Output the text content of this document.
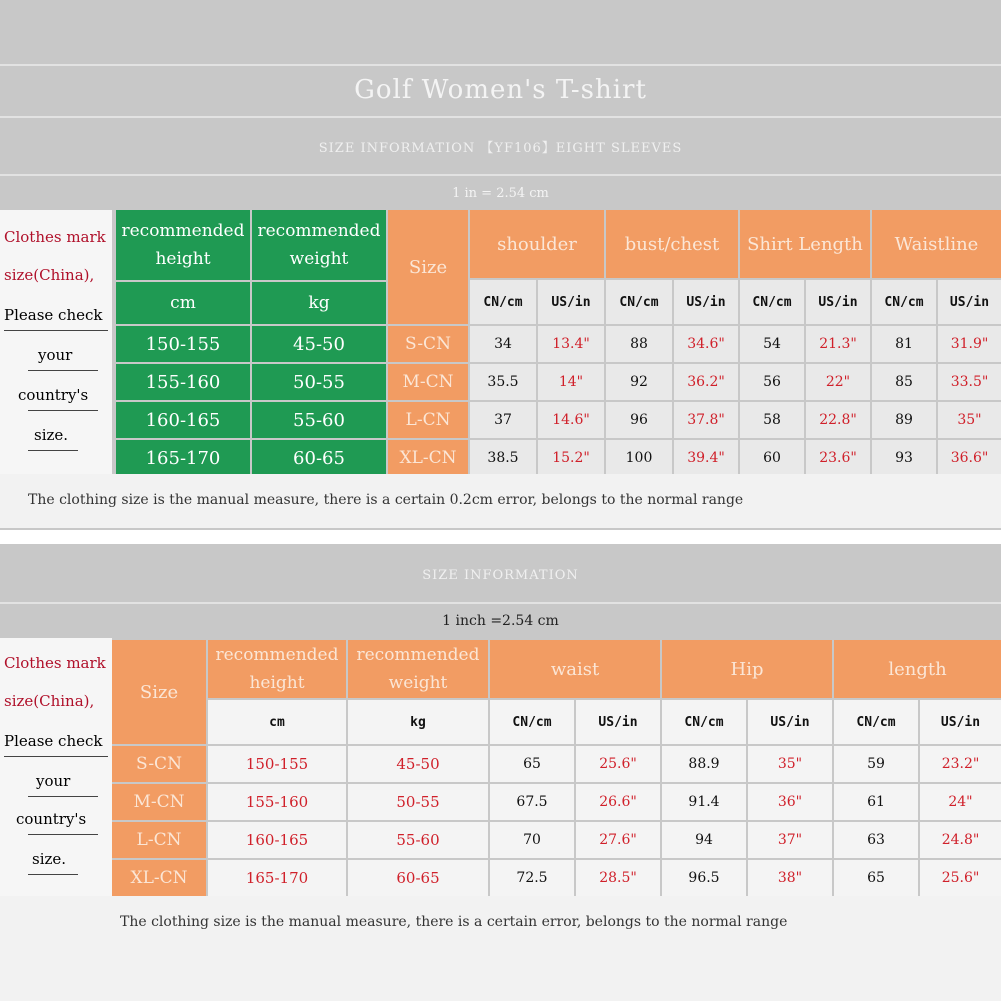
Golf Women's T-shirt
SIZE INFORMATION 【YF106】EIGHT SLEEVES
1 in = 2.54 cm
Clothes mark
size(China),
Please check
your
country's
size.
recommended
height
recommended
weight
cm	kg
Size
shoulder	bust/chest	Shirt Length	Waistline
CN/cm	US/in	CN/cm	US/in	CN/cm	US/in	CN/cm	US/in
150-155	45-50	S-CN	34	13.4"	88	34.6"	54	21.3"	81	31.9"
155-160	50-55	M-CN	35.5	14"	92	36.2"	56	22"	85	33.5"
160-165	55-60	L-CN	37	14.6"	96	37.8"	58	22.8"	89	35"
165-170	60-65	XL-CN	38.5	15.2"	100	39.4"	60	23.6"	93	36.6"
The clothing size is the manual measure, there is a certain 0.2cm error, belongs to the normal range
SIZE INFORMATION
1 inch =2.54 cm
Clothes mark
size(China),
Please check
your
country's
size.
Size
recommended
height
recommended
weight
waist	Hip	length
cm	kg	CN/cm	US/in	CN/cm	US/in	CN/cm	US/in
S-CN	150-155	45-50	65	25.6"	88.9	35"	59	23.2"
M-CN	155-160	50-55	67.5	26.6"	91.4	36"	61	24"
L-CN	160-165	55-60	70	27.6"	94	37"	63	24.8"
XL-CN	165-170	60-65	72.5	28.5"	96.5	38"	65	25.6"
The clothing size is the manual measure, there is a certain error, belongs to the normal range
